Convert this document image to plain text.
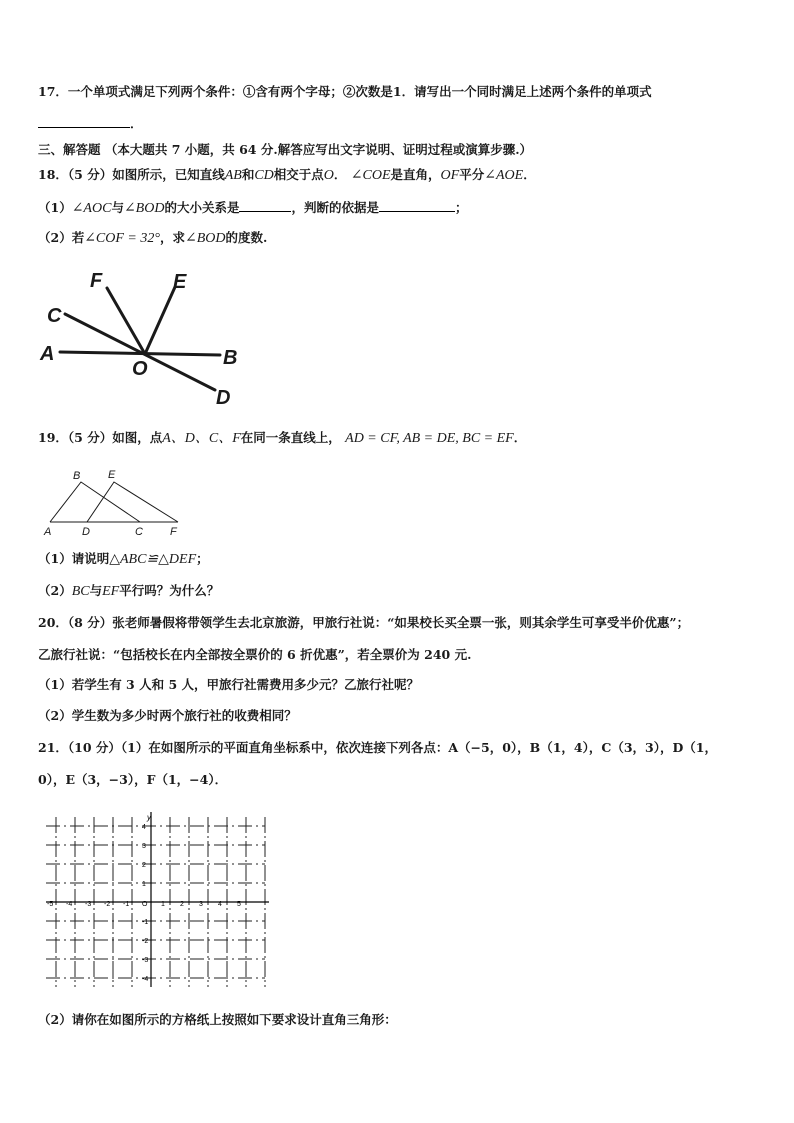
17．一个单项式满足下列两个条件：①含有两个字母；②次数是1．请写出一个同时满足上述两个条件的单项式
．
三、解答题 （本大题共 7 小题，共 64 分.解答应写出文字说明、证明过程或演算步骤.）
18．（5 分）如图所示，已知直线AB和CD相交于点O． ∠COE是直角，OF平分∠AOE．
（1）∠AOC与∠BOD的大小关系是	，判断的依据是	；
（2）若∠COF = 32°，求∠BOD的度数.
F	E
C
A	B
O
D
19．（5 分）如图，点A、D、C、F在同一条直线上， AD = CF, AB = DE, BC = EF．
B	E
A	D	C F
（1）请说明△ABC≌△DEF；
（2）BC与EF平行吗？为什么？
20．（8 分）张老师暑假将带领学生去北京旅游，甲旅行社说：“如果校长买全票一张，则其余学生可享受半价优惠”；
乙旅行社说：“包括校长在内全部按全票价的 6 折优惠”，若全票价为 240 元.
（1）若学生有 3 人和 5 人，甲旅行社需费用多少元？乙旅行社呢？
（2）学生数为多少时两个旅行社的收费相同？
21．（10 分）（1）在如图所示的平面直角坐标系中，依次连接下列各点：A（−5，0），B（1，4），C（3，3），D（1，
0），E（3，−3），F（1，−4）．
y
-5 -4 -3 -2 -1 O 1 2 3 4 5
4
3
2
1
-1
-2
-3
-4
（2）请你在如图所示的方格纸上按照如下要求设计直角三角形：
